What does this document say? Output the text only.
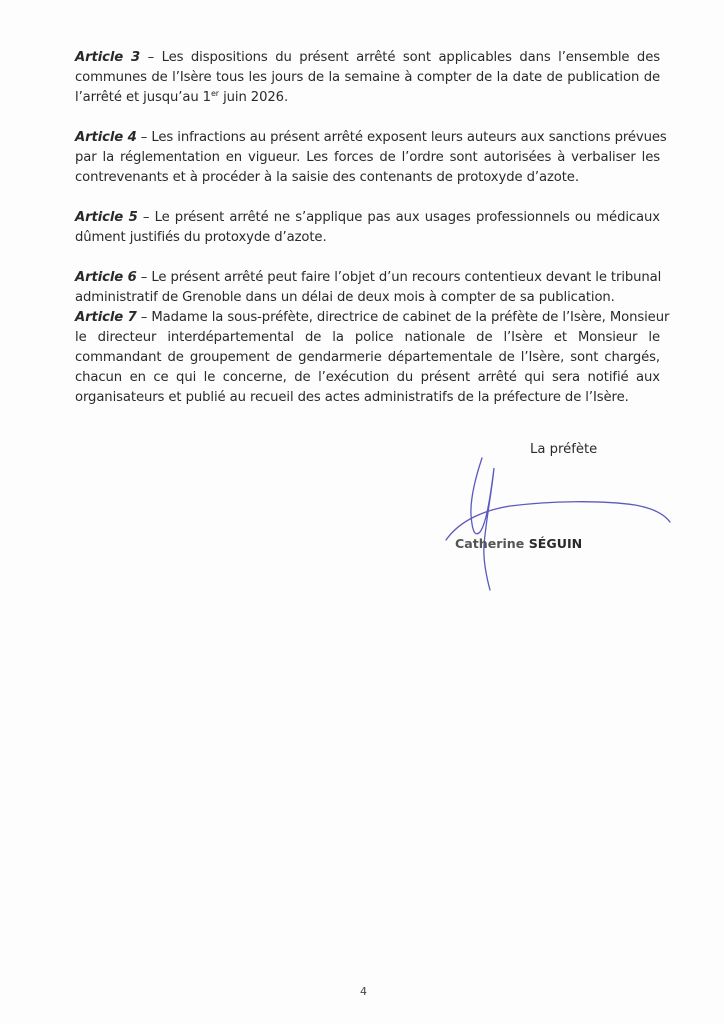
Article 3 – Les dispositions du présent arrêté sont applicables dans l’ensemble des
communes de l’Isère tous les jours de la semaine à compter de la date de publication de
l’arrêté et jusqu’au 1er juin 2026.
Article 4 – Les infractions au présent arrêté exposent leurs auteurs aux sanctions prévues
par la réglementation en vigueur. Les forces de l’ordre sont autorisées à verbaliser les
contrevenants et à procéder à la saisie des contenants de protoxyde d’azote.
Article 5 – Le présent arrêté ne s’applique pas aux usages professionnels ou médicaux
dûment justifiés du protoxyde d’azote.
Article 6 – Le présent arrêté peut faire l’objet d’un recours contentieux devant le tribunal
administratif de Grenoble dans un délai de deux mois à compter de sa publication.
Article 7 – Madame la sous-préfète, directrice de cabinet de la préfète de l’Isère, Monsieur
le directeur interdépartemental de la police nationale de l’Isère et Monsieur le
commandant de groupement de gendarmerie départementale de l’Isère, sont chargés,
chacun en ce qui le concerne, de l’exécution du présent arrêté qui sera notifié aux
organisateurs et publié au recueil des actes administratifs de la préfecture de l’Isère.
La préfète
Catherine SÉGUIN
4
